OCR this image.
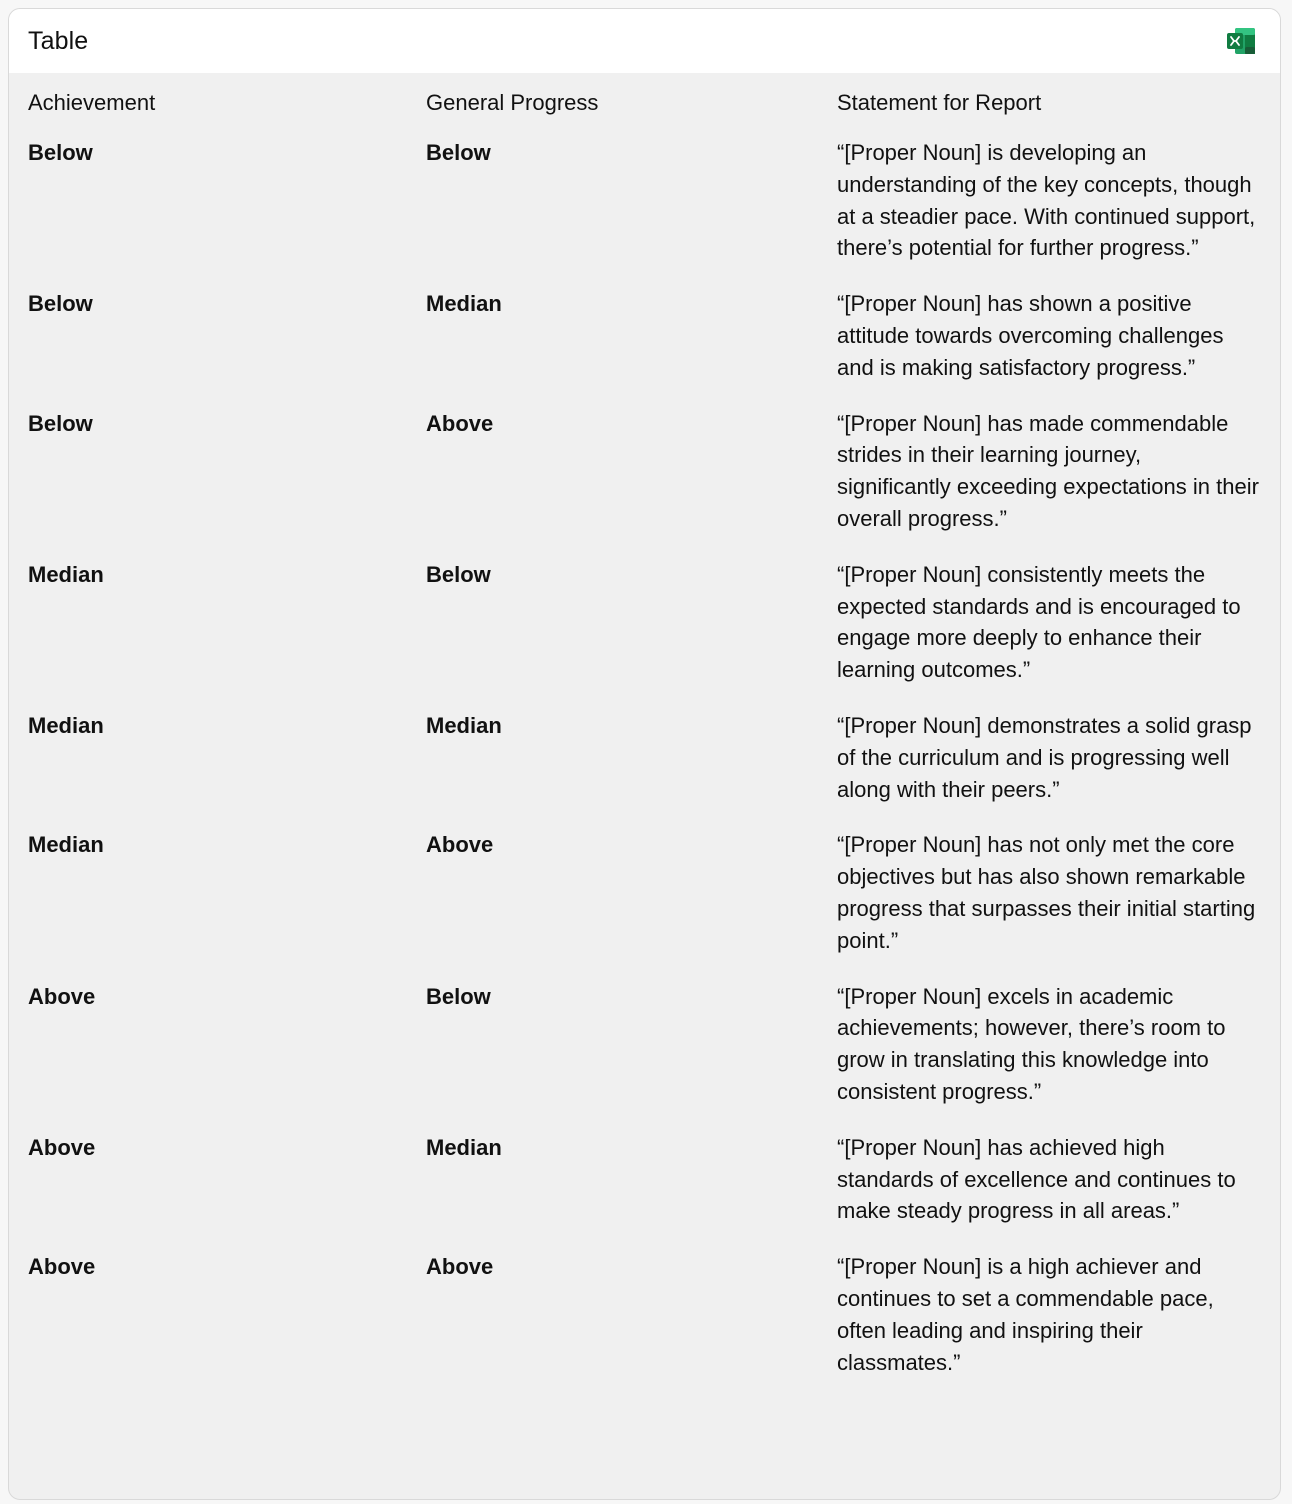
Table
Achievement	General Progress	Statement for Report
Below	Below	“[Proper Noun] is developing an understanding of the key concepts, though at a steadier pace. With continued support, there’s potential for further progress.”
Below	Median	“[Proper Noun] has shown a positive attitude towards overcoming challenges and is making satisfactory progress.”
Below	Above	“[Proper Noun] has made commendable strides in their learning journey, significantly exceeding expectations in their overall progress.”
Median	Below	“[Proper Noun] consistently meets the expected standards and is encouraged to engage more deeply to enhance their learning outcomes.”
Median	Median	“[Proper Noun] demonstrates a solid grasp of the curriculum and is progressing well along with their peers.”
Median	Above	“[Proper Noun] has not only met the core objectives but has also shown remarkable progress that surpasses their initial starting point.”
Above	Below	“[Proper Noun] excels in academic achievements; however, there’s room to grow in translating this knowledge into consistent progress.”
Above	Median	“[Proper Noun] has achieved high standards of excellence and continues to make steady progress in all areas.”
Above	Above	“[Proper Noun] is a high achiever and continues to set a commendable pace, often leading and inspiring their classmates.”
